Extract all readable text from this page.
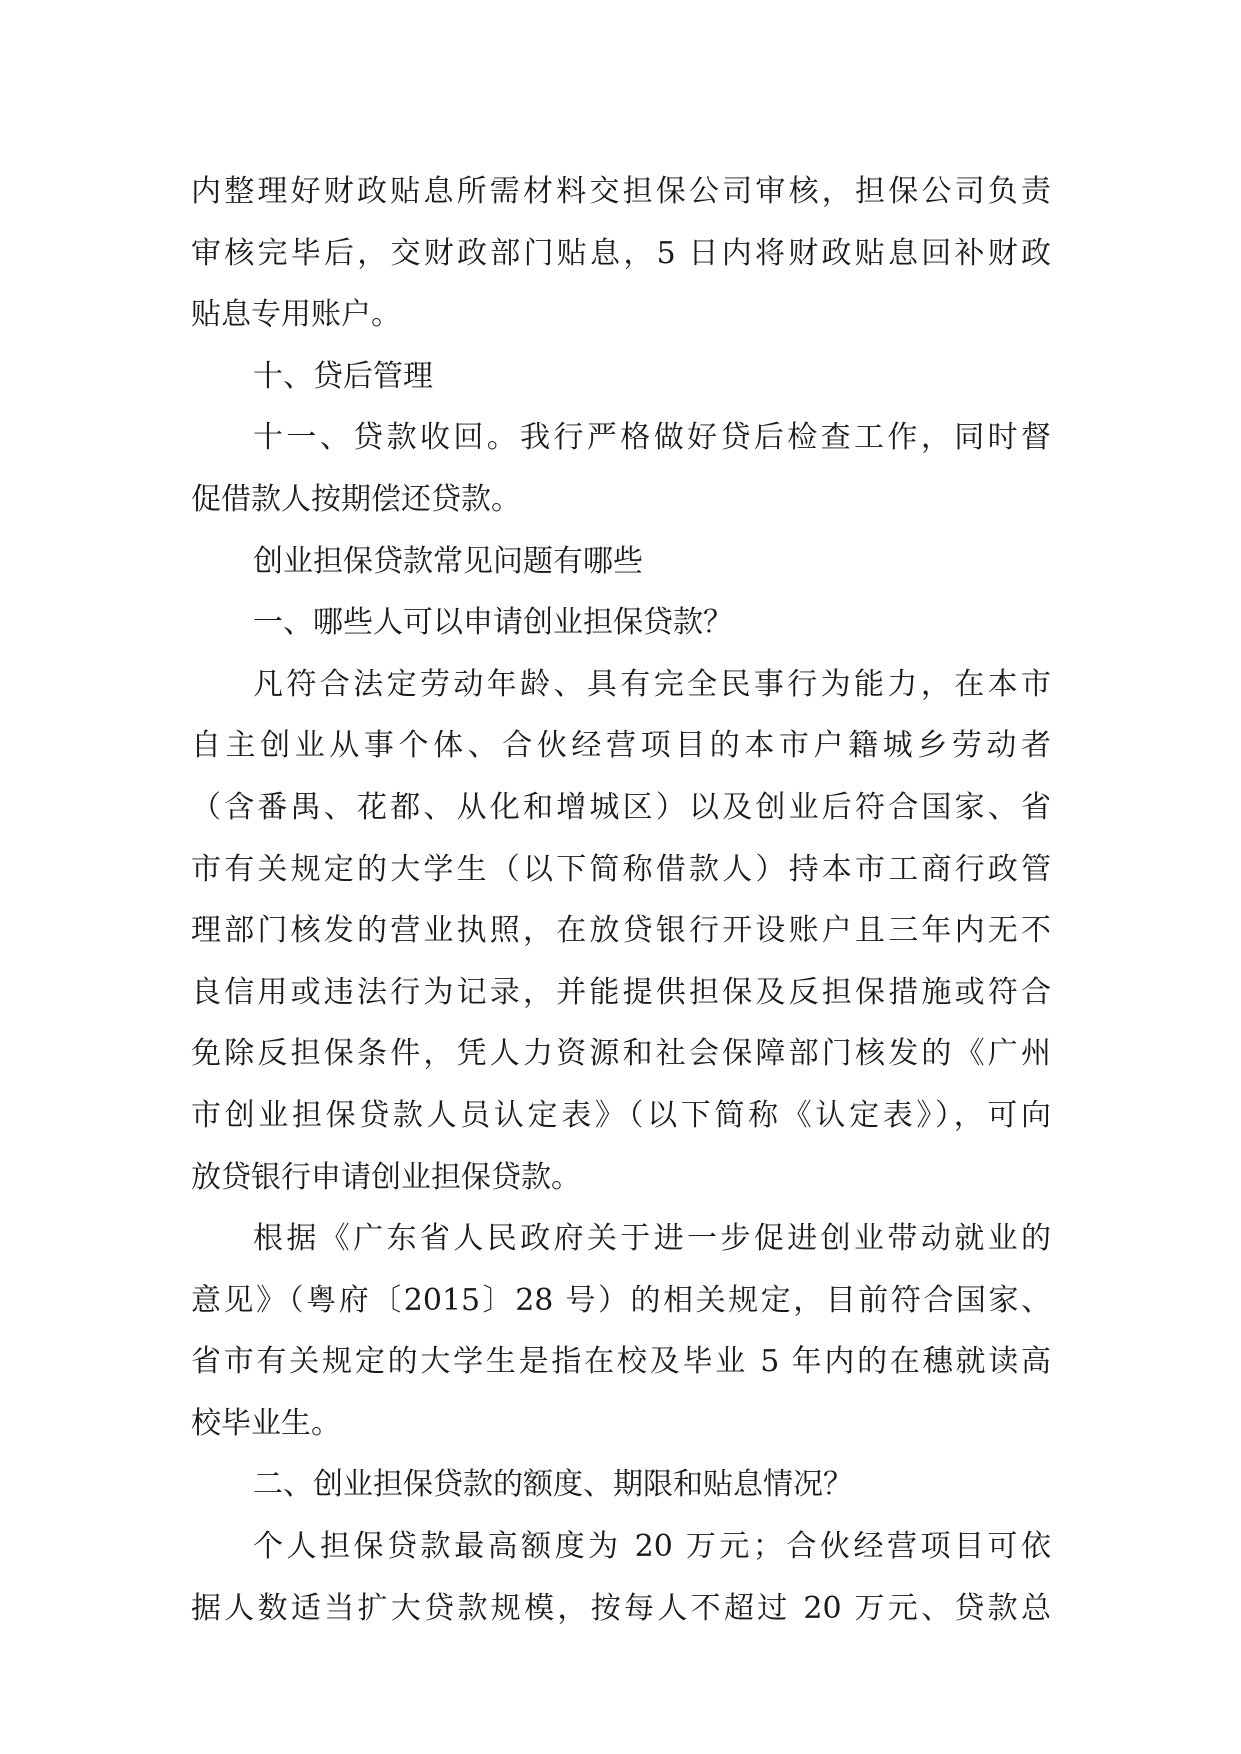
内整理好财政贴息所需材料交担保公司审核，担保公司负责
审核完毕后，交财政部门贴息，5 日内将财政贴息回补财政
贴息专用账户。
十、贷后管理
十一、贷款收回。我行严格做好贷后检查工作，同时督
促借款人按期偿还贷款。
创业担保贷款常见问题有哪些
一、哪些人可以申请创业担保贷款？
凡符合法定劳动年龄、具有完全民事行为能力，在本市
自主创业从事个体、合伙经营项目的本市户籍城乡劳动者
（含番禺、花都、从化和增城区）以及创业后符合国家、省
市有关规定的大学生（以下简称借款人）持本市工商行政管
理部门核发的营业执照，在放贷银行开设账户且三年内无不
良信用或违法行为记录，并能提供担保及反担保措施或符合
免除反担保条件，凭人力资源和社会保障部门核发的《广州
市创业担保贷款人员认定表》（以下简称《认定表》），可向
放贷银行申请创业担保贷款。
根据《广东省人民政府关于进一步促进创业带动就业的
意见》（粤府〔2015〕28 号）的相关规定，目前符合国家、
省市有关规定的大学生是指在校及毕业 5 年内的在穗就读高
校毕业生。
二、创业担保贷款的额度、期限和贴息情况？
个人担保贷款最高额度为 20 万元；合伙经营项目可依
据人数适当扩大贷款规模，按每人不超过 20 万元、贷款总
